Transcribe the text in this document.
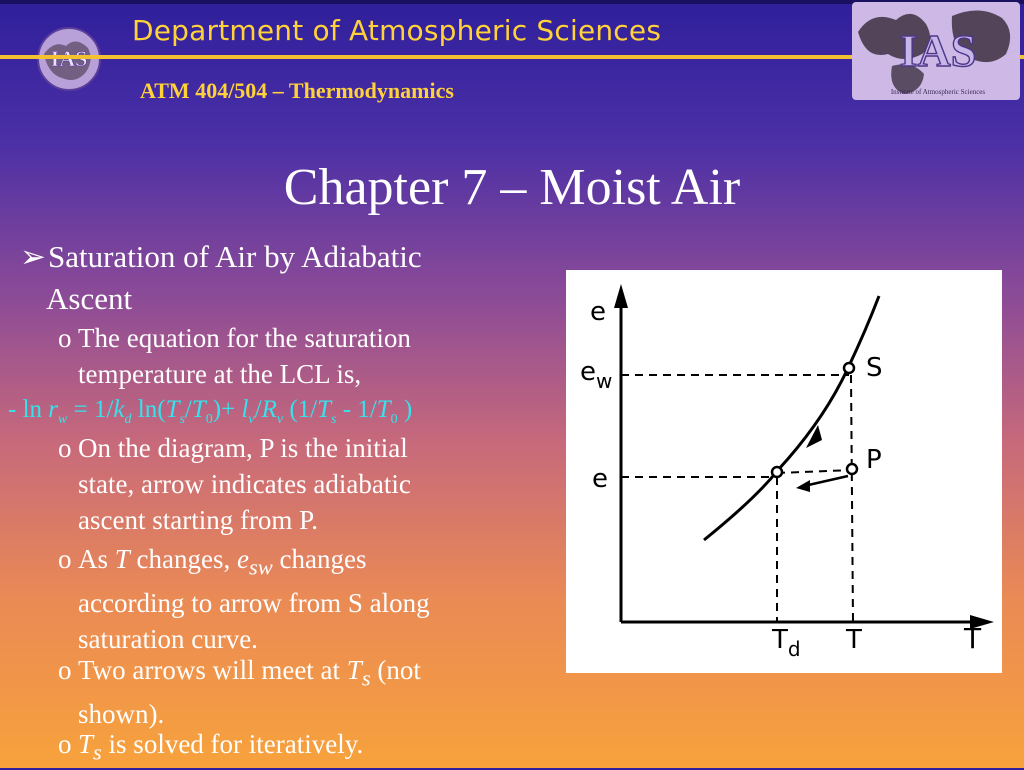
Department of Atmospheric Sciences	IAS
Institute of Atmospheric Sciences
ATM 404/504 – Thermodynamics
Chapter 7 – Moist Air
➢Saturation of Air by Adiabatic
Ascent
o The equation for the saturation
temperature at the LCL is,
- $\ln r_w = 1/k_d$ $\ln(T_s/T_0)+ l_v/R_v$ ($1/T_s - 1/T_0$ )
o On the diagram, P is the initial
state, arrow indicates adiabatic
ascent starting from P.
o As T changes, $e_{sw}$ changes
according to arrow from S along
saturation curve.
o Two arrows will meet at $T_s$ (not
shown).
o $T_s$ is solved for iteratively.
e
T
S
P
$e_w$
e
$T_d$ T
